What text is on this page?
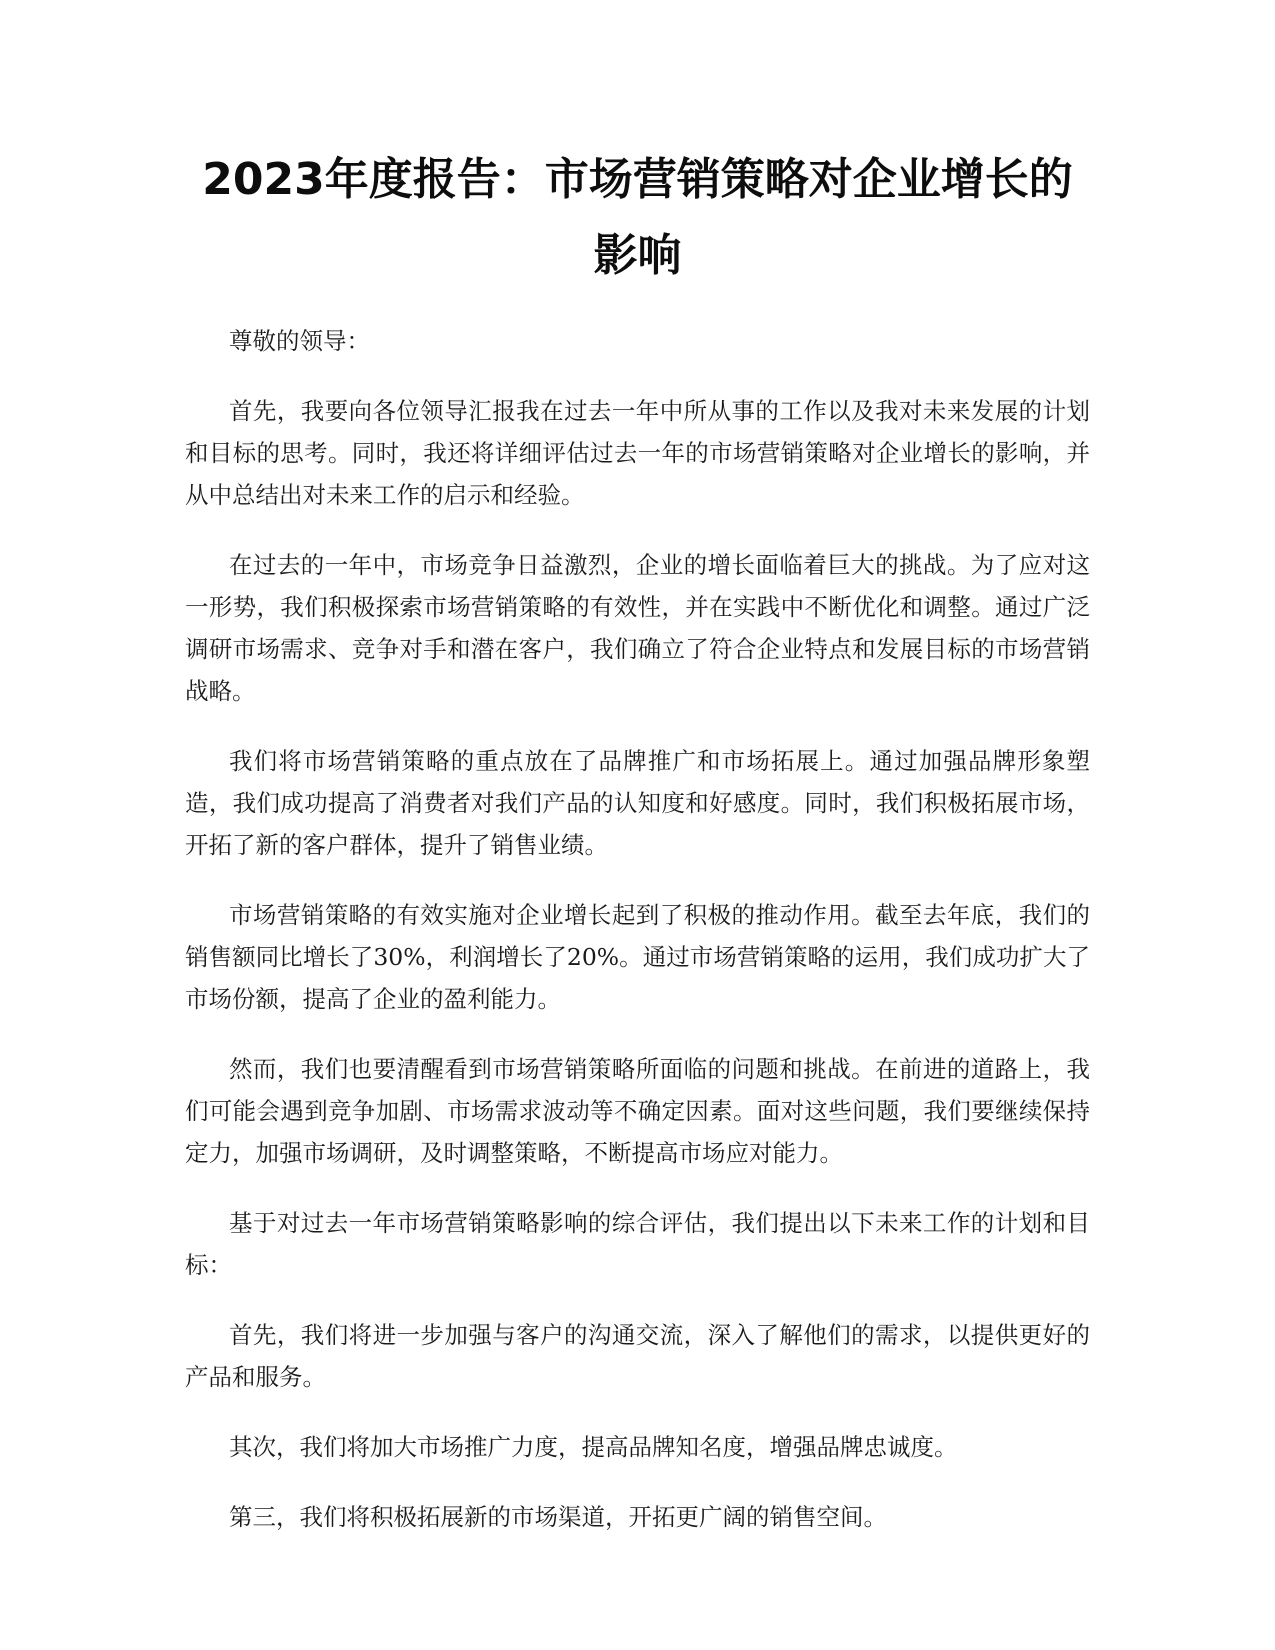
2023年度报告：市场营销策略对企业增长的
影响

尊敬的领导：

首先，我要向各位领导汇报我在过去一年中所从事的工作以及我对未来发展的计划和目标的思考。同时，我还将详细评估过去一年的市场营销策略对企业增长的影响，并从中总结出对未来工作的启示和经验。

在过去的一年中，市场竞争日益激烈，企业的增长面临着巨大的挑战。为了应对这一形势，我们积极探索市场营销策略的有效性，并在实践中不断优化和调整。通过广泛调研市场需求、竞争对手和潜在客户，我们确立了符合企业特点和发展目标的市场营销战略。

我们将市场营销策略的重点放在了品牌推广和市场拓展上。通过加强品牌形象塑造，我们成功提高了消费者对我们产品的认知度和好感度。同时，我们积极拓展市场，开拓了新的客户群体，提升了销售业绩。

市场营销策略的有效实施对企业增长起到了积极的推动作用。截至去年底，我们的销售额同比增长了30%，利润增长了20%。通过市场营销策略的运用，我们成功扩大了市场份额，提高了企业的盈利能力。

然而，我们也要清醒看到市场营销策略所面临的问题和挑战。在前进的道路上，我们可能会遇到竞争加剧、市场需求波动等不确定因素。面对这些问题，我们要继续保持定力，加强市场调研，及时调整策略，不断提高市场应对能力。

基于对过去一年市场营销策略影响的综合评估，我们提出以下未来工作的计划和目标：

首先，我们将进一步加强与客户的沟通交流，深入了解他们的需求，以提供更好的产品和服务。

其次，我们将加大市场推广力度，提高品牌知名度，增强品牌忠诚度。

第三，我们将积极拓展新的市场渠道，开拓更广阔的销售空间。
